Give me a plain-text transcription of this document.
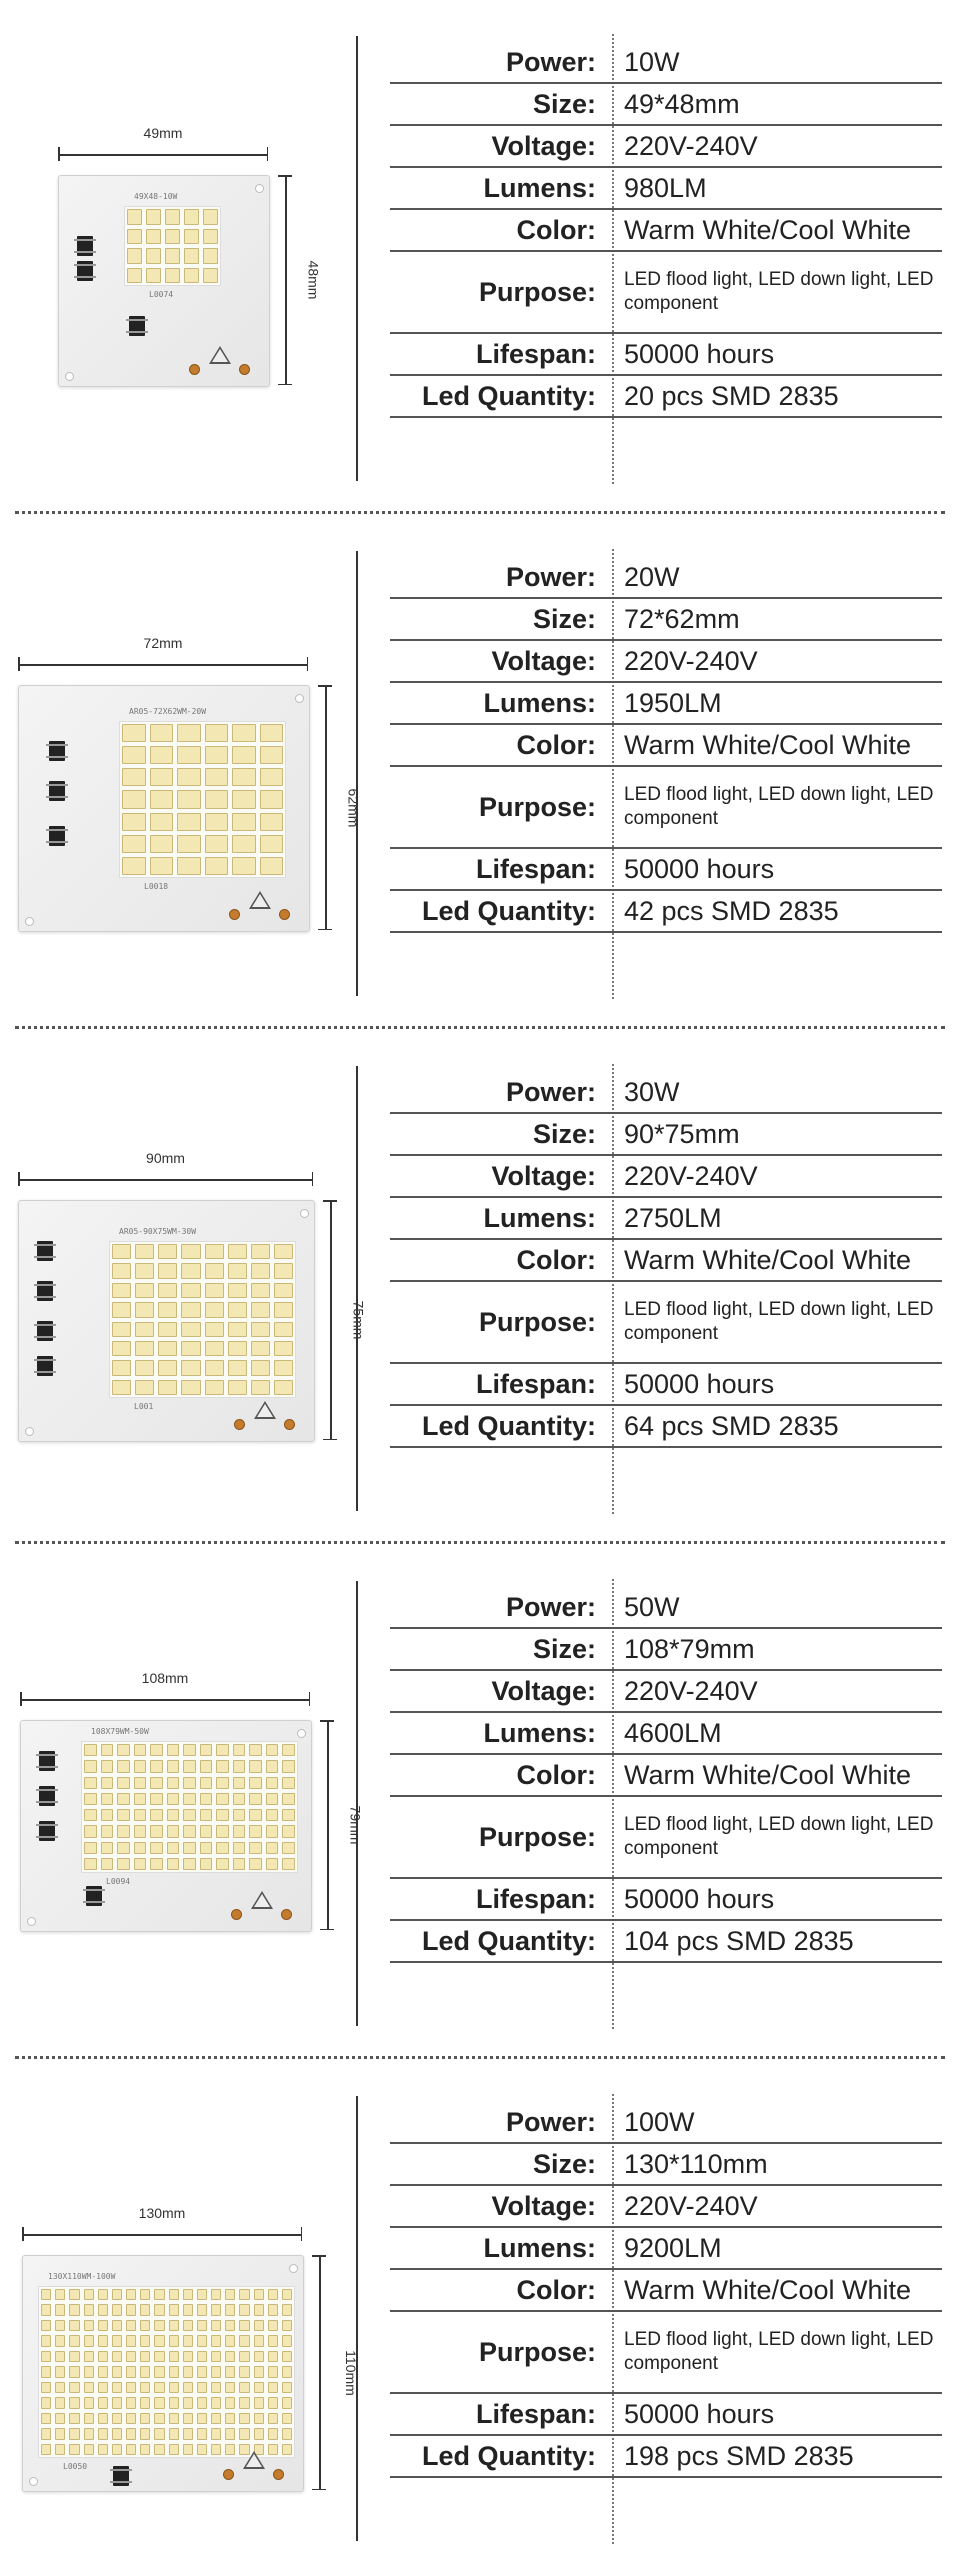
49mm
48mm
49X48-10W
L0074
Power: 10W
Size: 49*48mm
Voltage: 220V-240V
Lumens: 980LM
Color: Warm White/Cool White
Purpose: LED flood light, LED down light, LED component
Lifespan: 50000 hours
Led Quantity: 20 pcs SMD 2835
72mm
62mm
AR05-72X62WM-20W
L0018
Power: 20W
Size: 72*62mm
Voltage: 220V-240V
Lumens: 1950LM
Color: Warm White/Cool White
Purpose: LED flood light, LED down light, LED component
Lifespan: 50000 hours
Led Quantity: 42 pcs SMD 2835
90mm
75mm
AR05-90X75WM-30W
L001
Power: 30W
Size: 90*75mm
Voltage: 220V-240V
Lumens: 2750LM
Color: Warm White/Cool White
Purpose: LED flood light, LED down light, LED component
Lifespan: 50000 hours
Led Quantity: 64 pcs SMD 2835
108mm
79mm
108X79WM-50W
L0094
Power: 50W
Size: 108*79mm
Voltage: 220V-240V
Lumens: 4600LM
Color: Warm White/Cool White
Purpose: LED flood light, LED down light, LED component
Lifespan: 50000 hours
Led Quantity: 104 pcs SMD 2835
130mm
110mm
130X110WM-100W
L0050
Power: 100W
Size: 130*110mm
Voltage: 220V-240V
Lumens: 9200LM
Color: Warm White/Cool White
Purpose: LED flood light, LED down light, LED component
Lifespan: 50000 hours
Led Quantity: 198 pcs SMD 2835
